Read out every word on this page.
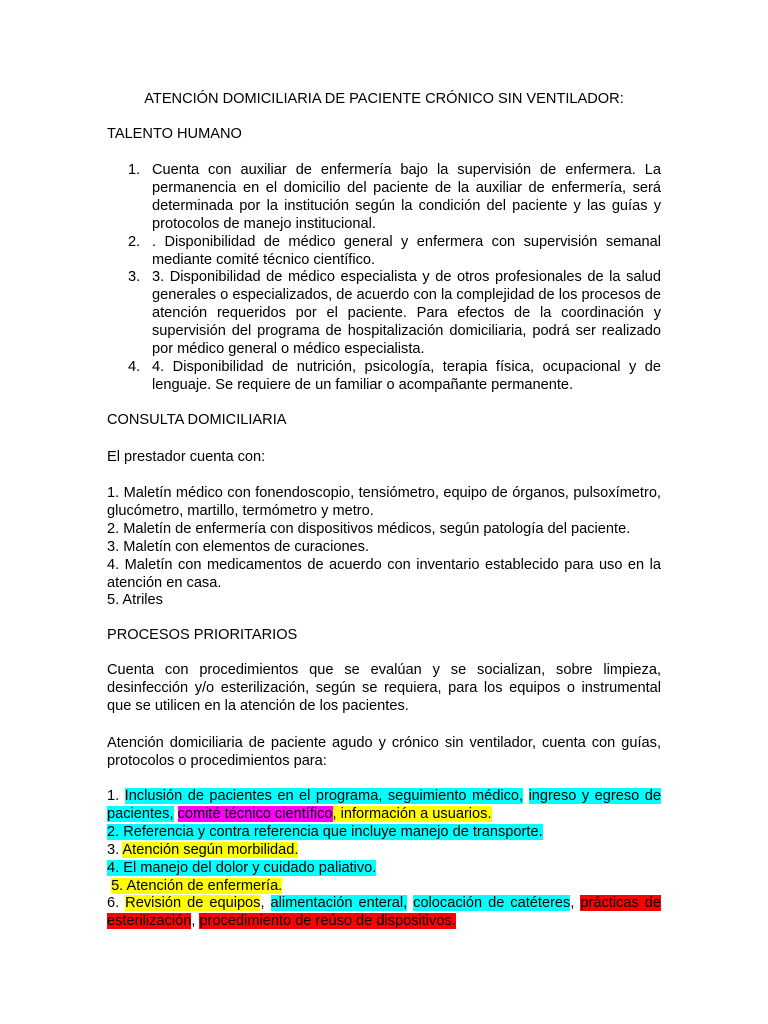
ATENCIÓN DOMICILIARIA DE PACIENTE CRÓNICO SIN VENTILADOR:
TALENTO HUMANO
1. Cuenta con auxiliar de enfermería bajo la supervisión de enfermera. La permanencia en el domicilio del paciente de la auxiliar de enfermería, será determinada por la institución según la condición del paciente y las guías y protocolos de manejo institucional.
2. . Disponibilidad de médico general y enfermera con supervisión semanal mediante comité técnico científico.
3. 3. Disponibilidad de médico especialista y de otros profesionales de la salud generales o especializados, de acuerdo con la complejidad de los procesos de atención requeridos por el paciente. Para efectos de la coordinación y supervisión del programa de hospitalización domiciliaria, podrá ser realizado por médico general o médico especialista.
4. 4. Disponibilidad de nutrición, psicología, terapia física, ocupacional y de lenguaje. Se requiere de un familiar o acompañante permanente.
CONSULTA DOMICILIARIA
El prestador cuenta con:

1. Maletín médico con fonendoscopio, tensiómetro, equipo de órganos, pulsoxímetro, glucómetro, martillo, termómetro y metro.

2. Maletín de enfermería con dispositivos médicos, según patología del paciente.

3. Maletín con elementos de curaciones.

4. Maletín con medicamentos de acuerdo con inventario establecido para uso en la atención en casa.

5. Atriles

PROCESOS PRIORITARIOS
Cuenta con procedimientos que se evalúan y se socializan, sobre limpieza, desinfección y/o esterilización, según se requiera, para los equipos o instrumental que se utilicen en la atención de los pacientes.
Atención domiciliaria de paciente agudo y crónico sin ventilador, cuenta con guías, protocolos o procedimientos para:

1. Inclusión de pacientes en el programa, seguimiento médico, ingreso y egreso de pacientes, comité técnico científico, información a usuarios.

2. Referencia y contra referencia que incluye manejo de transporte.

3. Atención según morbilidad.

4. El manejo del dolor y cuidado paliativo.

5. Atención de enfermería.

6. Revisión de equipos, alimentación enteral, colocación de catéteres, prácticas de esterilización, procedimiento de reúso de dispositivos.
